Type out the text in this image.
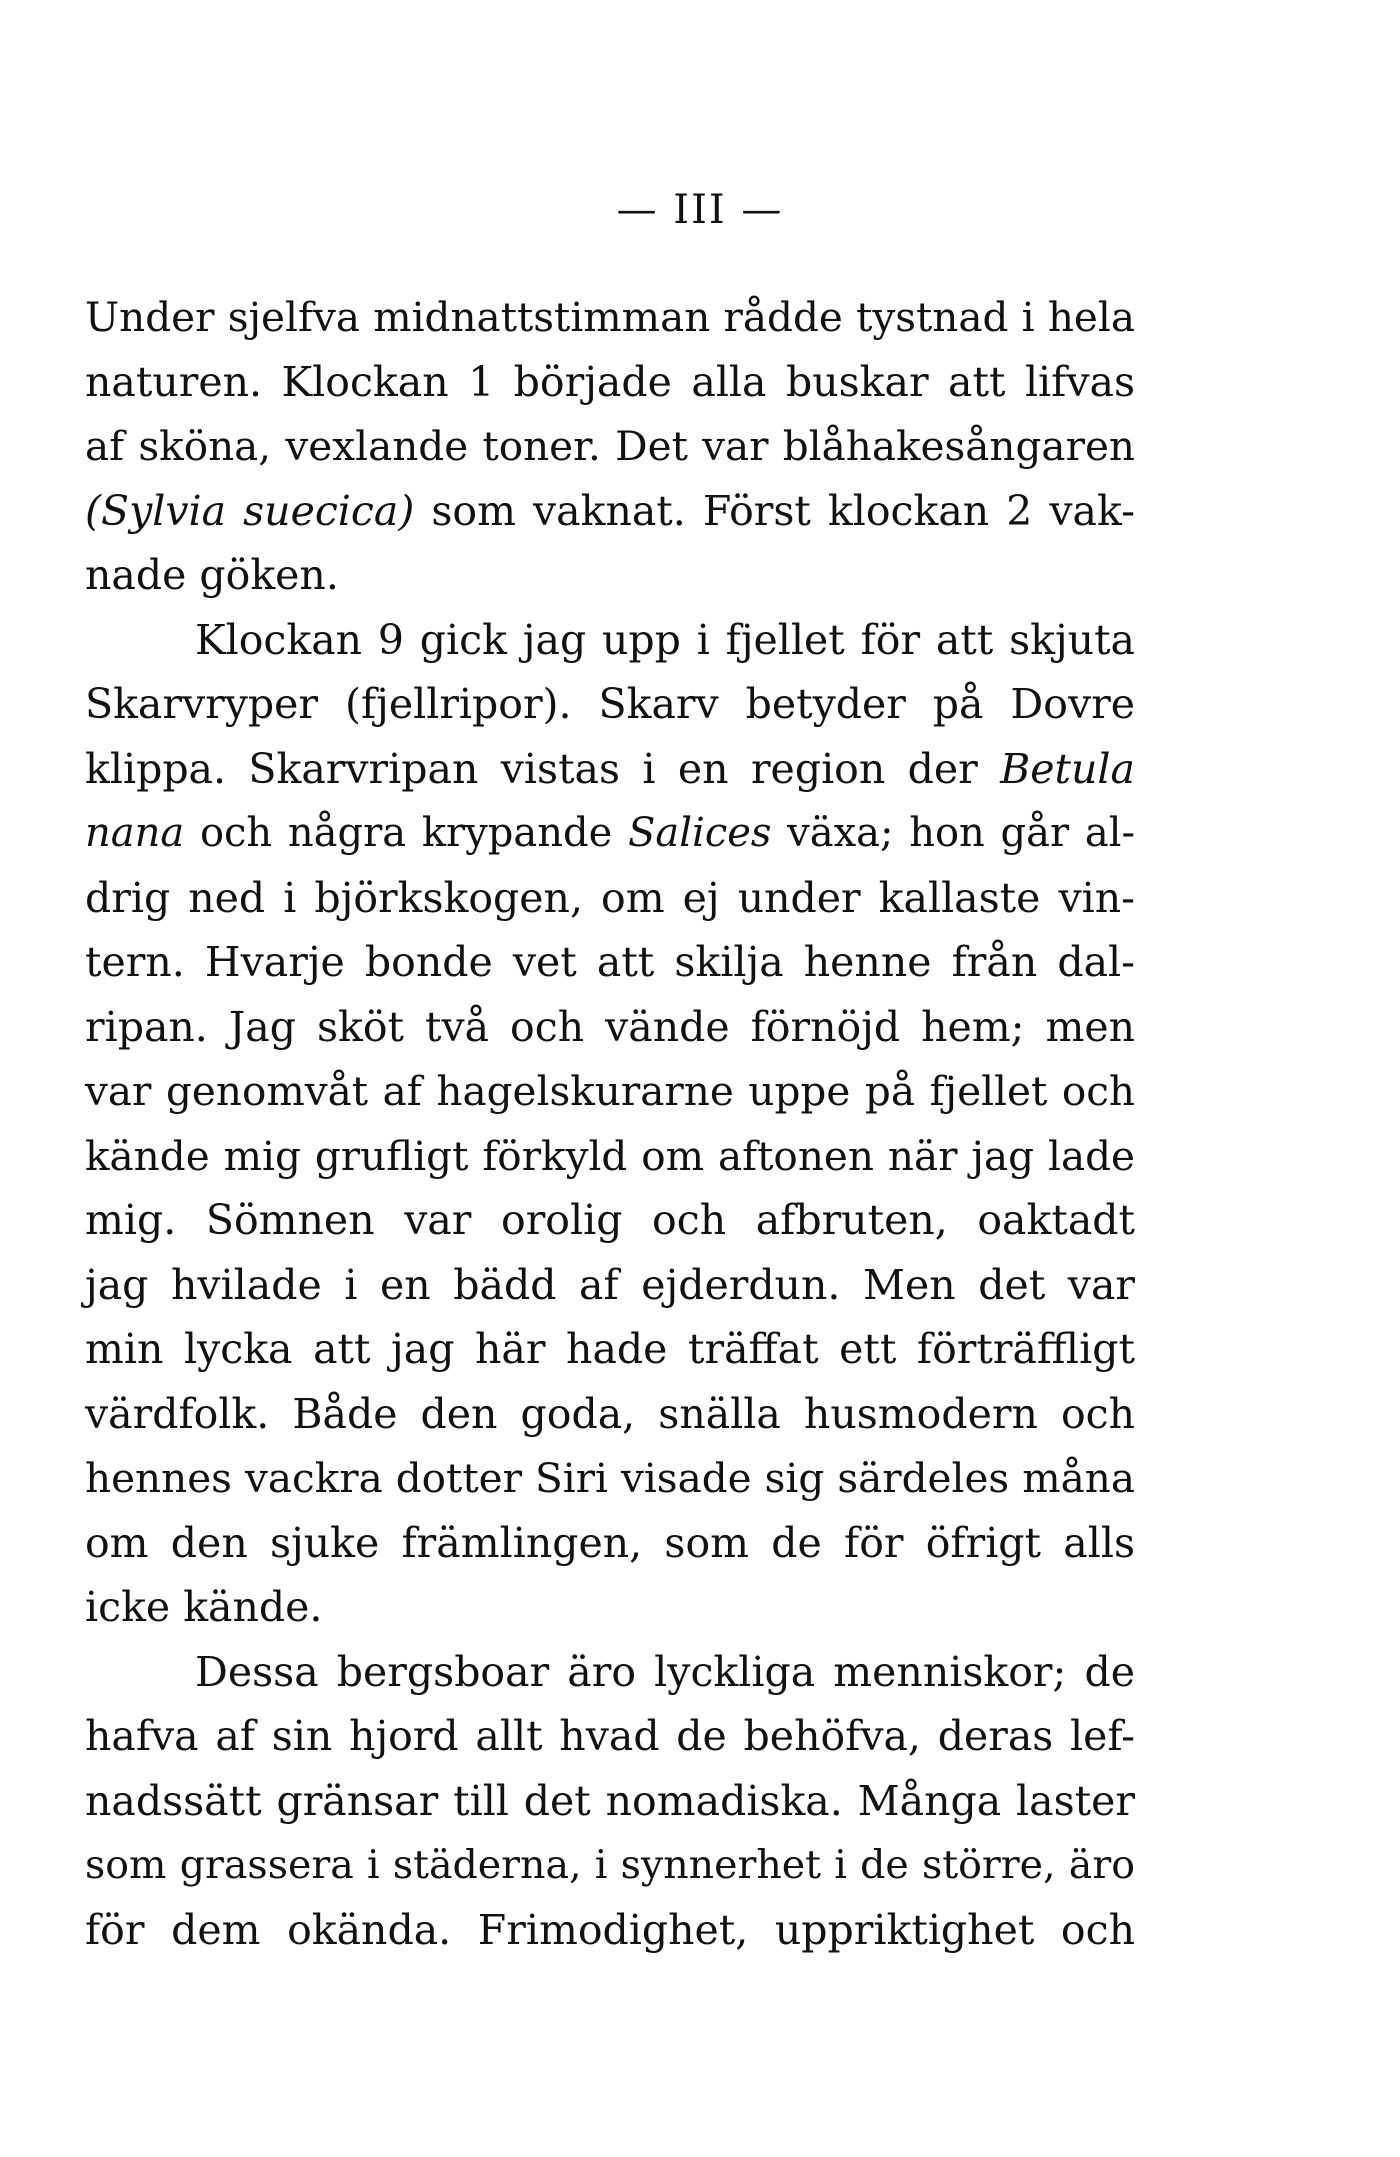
— III —
Under sjelfva midnattstimman rådde tystnad i hela
naturen. Klockan 1 började alla buskar att lifvas
af sköna, vexlande toner. Det var blåhakesångaren
(Sylvia suecica) som vaknat. Först klockan 2 vak-
nade göken.
Klockan 9 gick jag upp i fjellet för att skjuta
Skarvryper (fjellripor). Skarv betyder på Dovre
klippa. Skarvripan vistas i en region der Betula
nana och några krypande Salices växa; hon går al-
drig ned i björkskogen, om ej under kallaste vin-
tern. Hvarje bonde vet att skilja henne från dal-
ripan. Jag sköt två och vände förnöjd hem; men
var genomvåt af hagelskurarne uppe på fjellet och
kände mig grufligt förkyld om aftonen när jag lade
mig. Sömnen var orolig och afbruten, oaktadt
jag hvilade i en bädd af ejderdun. Men det var
min lycka att jag här hade träffat ett förträffligt
värdfolk. Både den goda, snälla husmodern och
hennes vackra dotter Siri visade sig särdeles måna
om den sjuke främlingen, som de för öfrigt alls
icke kände.
Dessa bergsboar äro lyckliga menniskor; de
hafva af sin hjord allt hvad de behöfva, deras lef-
nadssätt gränsar till det nomadiska. Många laster
som grassera i städerna, i synnerhet i de större, äro
för dem okända. Frimodighet, uppriktighet och
